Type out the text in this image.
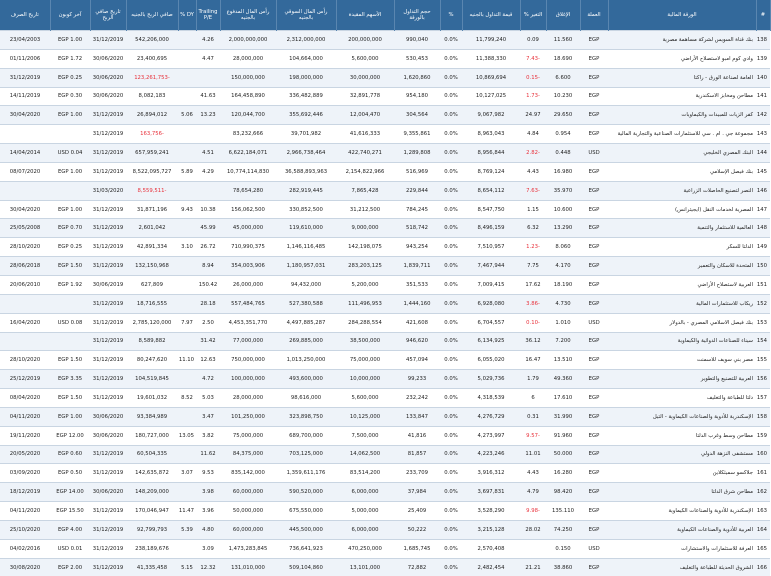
#	الورقة المالية	العملة	الإغلاق	التغير %	قيمة التداول بالجنيه	%	حجم التداول بالورقة	الأسهم المقيدة	رأس المال السوقي بالجنيه	رأس المال المدفوع بالجنيه	Trailing P/E	DY %	صافي الربح بالجنيه	تاريخ صافي الربح	آخر كوبون	تاريخ الصرف
138	بنك قناة السويس لشركة مساهمة مصرية	EGP	11.560	0.09	11,799,240	0.0%	990,040	200,000,000	2,312,000,000	2,000,000,000	4.26		542,206,000	31/12/2019	EGP 1.00	23/04/2003
139	وادي كوم امبو لاستصلاح الأراضي	EGP	18.690	-7.43	11,388,330	0.0%	530,453	5,600,000	104,664,000	28,000,000	4.47		23,400,695	30/06/2020	EGP 1.72	01/11/2006
140	العامة لصناعة الورق - راكتا	EGP	6.600	-0.15	10,869,694	0.0%	1,620,860	30,000,000	198,000,000	150,000,000			-123,261,753	30/06/2020	EGP 0.25	31/12/2019
141	مطاحن ومخابز الاسكندرية	EGP	10.230	-1.73	10,127,025	0.0%	954,180	32,891,778	336,482,889	164,458,890	41.63		8,082,183	30/06/2020	EGP 0.30	14/11/2019
142	كفر الزيات للمبيدات والكيماويات	EGP	29.650	24.97	9,067,982	0.0%	304,564	12,004,470	355,692,446	120,044,700	13.23	5.06	26,894,012	31/12/2019	EGP 1.00	30/04/2020
143	مجموعة جي . ام . سي للاستثمارات الصناعية والتجارية المالية	EGP	0.954	4.84	8,963,043	0.0%	9,355,861	41,616,333	39,701,982	83,232,666			-163,756	31/12/2019		
144	البنك المصري الخليجي	USD	0.448	-2.82	8,956,844	0.0%	1,289,808	422,740,271	2,966,738,464	6,622,184,071	4.51		657,959,241	31/12/2019	USD 0.04	14/04/2014
145	بنك فيصل الإسلامي	EGP	16.980	4.43	8,769,124	0.0%	516,969	2,154,822,966	36,588,893,963	10,774,114,830	4.29	5.89	8,522,095,727	31/12/2019	EGP 1.00	08/07/2020
146	النصر لتصنيع الحاصلات الزراعية	EGP	35.970	-7.63	8,654,112	0.0%	229,844	7,865,428	282,919,445	78,654,280			-8,559,511	31/03/2020		
147	المصرية لخدمات النقل (ايجيترانس)	EGP	10.600	1.15	8,547,750	0.0%	784,245	31,212,500	330,852,500	156,062,500	10.38	9.43	31,871,196	31/12/2019	EGP 1.00	30/04/2020
148	العالمية للاستثمار والتنمية	EGP	13.290	6.32	8,496,159	0.0%	518,742	9,000,000	119,610,000	45,000,000	45.99		2,601,042	31/12/2019	EGP 0.70	25/05/2008
149	الدلتا للسكر	EGP	8.060	-1.23	7,510,957	0.0%	943,254	142,198,075	1,146,116,485	710,990,375	26.72	3.10	42,891,334	31/12/2019	EGP 0.25	28/10/2020
150	المتحدة للاسكان والتعمير	EGP	4.170	7.75	7,467,944	0.0%	1,839,711	283,203,125	1,180,957,031	354,003,906	8.94		132,150,968	31/12/2019	EGP 1.50	28/06/2018
151	العربية لاستصلاح الأراضي	EGP	18.190	17.62	7,009,415	0.0%	351,533	5,200,000	94,432,000	26,000,000	150.42		627,809	30/06/2019	EGP 1.92	20/06/2010
152	ريكاب للاستثمارات المالية	EGP	4.730	-3.86	6,928,080	0.0%	1,444,160	111,496,953	527,380,588	557,484,765	28.18		18,716,555	31/12/2019		
153	بنك فيصل الاسلامي المصري - بالدولار	USD	1.010	-0.10	6,704,557	0.0%	421,608	284,288,554	4,497,885,287	4,453,351,770	2.50	7.97	2,785,120,000	31/12/2019	USD 0.08	16/04/2020
154	سيناء للصناعات الدوائية والكيماوية	EGP	7.200	36.12	6,134,925	0.0%	946,620	38,500,000	269,885,000	77,000,000	31.42		8,589,882	31/12/2019		
155	مصر بني سويف للاسمنت	EGP	13.510	16.47	6,055,020	0.0%	457,094	75,000,000	1,013,250,000	750,000,000	12.63	11.10	80,247,620	31/12/2019	EGP 1.50	28/10/2020
156	العربية للتصنيع والتطوير	EGP	49.360	1.79	5,029,736	0.0%	99,233	10,000,000	493,600,000	100,000,000	4.72		104,519,845	31/12/2019	EGP 3.35	25/12/2019
157	دلتا للطباعة والتغليف	EGP	17.610	6	4,318,539	0.0%	232,242	5,600,000	98,616,000	28,000,000	5.03	8.52	19,601,032	31/12/2019	EGP 1.50	08/04/2020
158	الإسكندرية للأدوية والصناعات الكيماوية - التيل	EGP	31.990	0.31	4,276,729	0.0%	133,847	10,125,000	323,898,750	101,250,000	3.47		93,384,989	30/06/2020	EGP 1.00	04/11/2020
159	مطاحن وسط وغرب الدلتا	EGP	91.960	-9.57	4,273,997	0.0%	41,816	7,500,000	689,700,000	75,000,000	3.82	13.05	180,727,000	30/06/2020	EGP 12.00	19/11/2020
160	مستشفى النزهة الدولي	EGP	50.000	11.01	4,223,246	0.0%	81,857	14,062,500	703,125,000	84,375,000	11.62		60,504,335	31/12/2019	EGP 0.60	20/05/2020
161	جلاكسو سميثكلاين	EGP	16.280	4.43	3,916,312	0.0%	233,709	83,514,200	1,359,611,176	835,142,000	9.53	3.07	142,635,872	31/12/2019	EGP 0.50	03/09/2020
162	مطاحن شرق الدلتا	EGP	98.420	4.79	3,697,831	0.0%	37,984	6,000,000	590,520,000	60,000,000	3.98		148,209,000	30/06/2020	EGP 14.00	18/12/2019
163	الإسكندرية للأدوية والصناعات الكيماوية	EGP	135.110	-9.98	3,528,290	0.0%	25,409	5,000,000	675,550,000	50,000,000	3.96	11.47	170,046,947	31/12/2019	EGP 15.50	04/11/2020
164	العربية للأدوية والصناعات الكيماوية	EGP	74.250	28.02	3,215,128	0.0%	50,222	6,000,000	445,500,000	60,000,000	4.80	5.39	92,799,793	31/12/2019	EGP 4.00	25/10/2020
165	العرفة للاستثمارات والاستشارات	USD	0.150		2,570,408	0.0%	1,685,745	470,250,000	736,641,923	1,473,283,845	3.09		238,189,676	31/12/2019	USD 0.01	04/02/2016
166	الشروق الحديثة للطباعة والتغليف	EGP	38.860	21.21	2,482,454	0.0%	72,882	13,101,000	509,104,860	131,010,000	12.32	5.15	41,335,458	31/12/2019	EGP 2.00	30/08/2020
